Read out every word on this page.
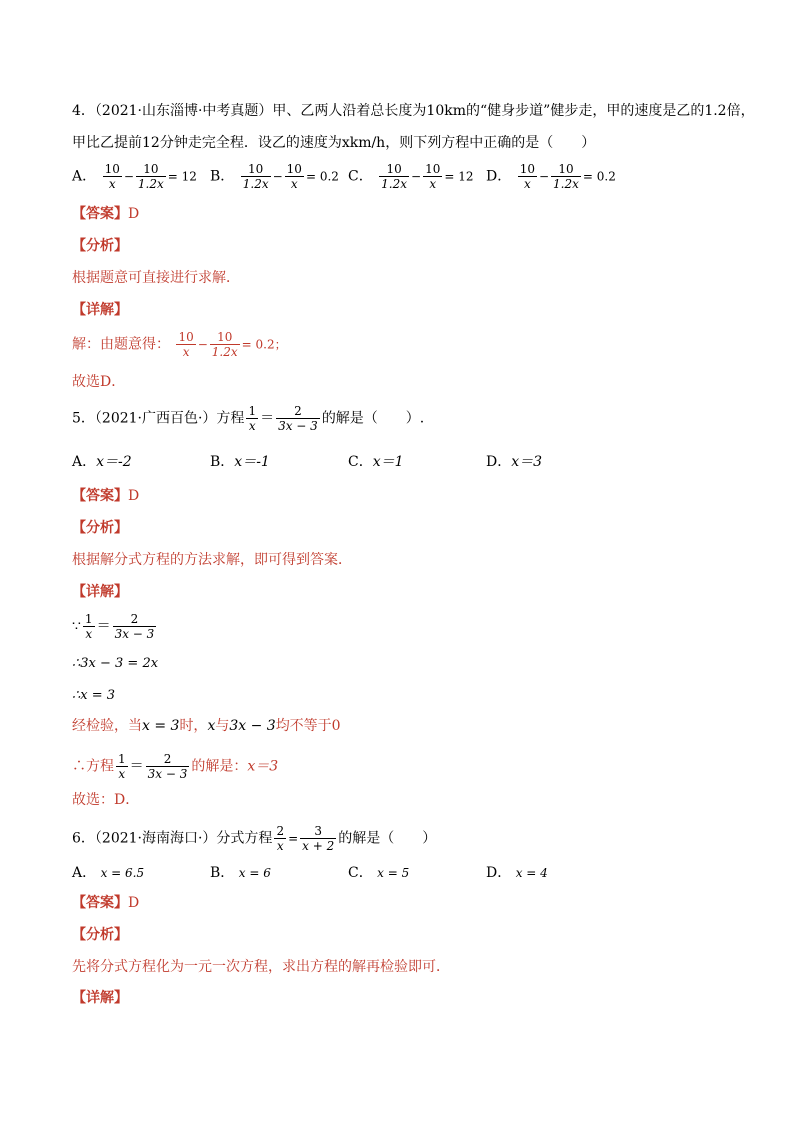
4．（2021·山东淄博·中考真题）甲、乙两人沿着总长度为10km的“健身步道”健步走，甲的速度是乙的1.2倍，
甲比乙提前12分钟走完全程．设乙的速度为xkm/h，则下列方程中正确的是（　　）
A． $\frac{10}{x} - \frac{10}{1.2x} = 12$ B． $\frac{10}{1.2x} - \frac{10}{x} = 0.2$ C． $\frac{10}{1.2x} - \frac{10}{x} = 12$ D． $\frac{10}{x} - \frac{10}{1.2x} = 0.2$
【答案】D
【分析】
根据题意可直接进行求解．
【详解】
解：由题意得： $\frac{10}{x} - \frac{10}{1.2x} = 0.2$；
故选D．
5．（2021·广西百色·）方程 $\frac{1}{x} = \frac{2}{3x - 3}$ 的解是（　　）.
A．x＝-2	B．x＝-1	C．x＝1	D．x＝3
【答案】D
【分析】
根据解分式方程的方法求解，即可得到答案．
【详解】
∵ $\frac{1}{x} = \frac{2}{3x - 3}$
∴3x − 3 = 2x
∴x = 3
经检验，当x = 3时，x与3x − 3均不等于0
∴方程 $\frac{1}{x} = \frac{2}{3x - 3}$ 的解是：x＝3
故选：D．
6．（2021·海南海口·）分式方程 $\frac{2}{x} = \frac{3}{x + 2}$ 的解是（　　）
A． x = 6.5	B． x = 6	C． x = 5	D． x = 4
【答案】D
【分析】
先将分式方程化为一元一次方程，求出方程的解再检验即可．
【详解】
